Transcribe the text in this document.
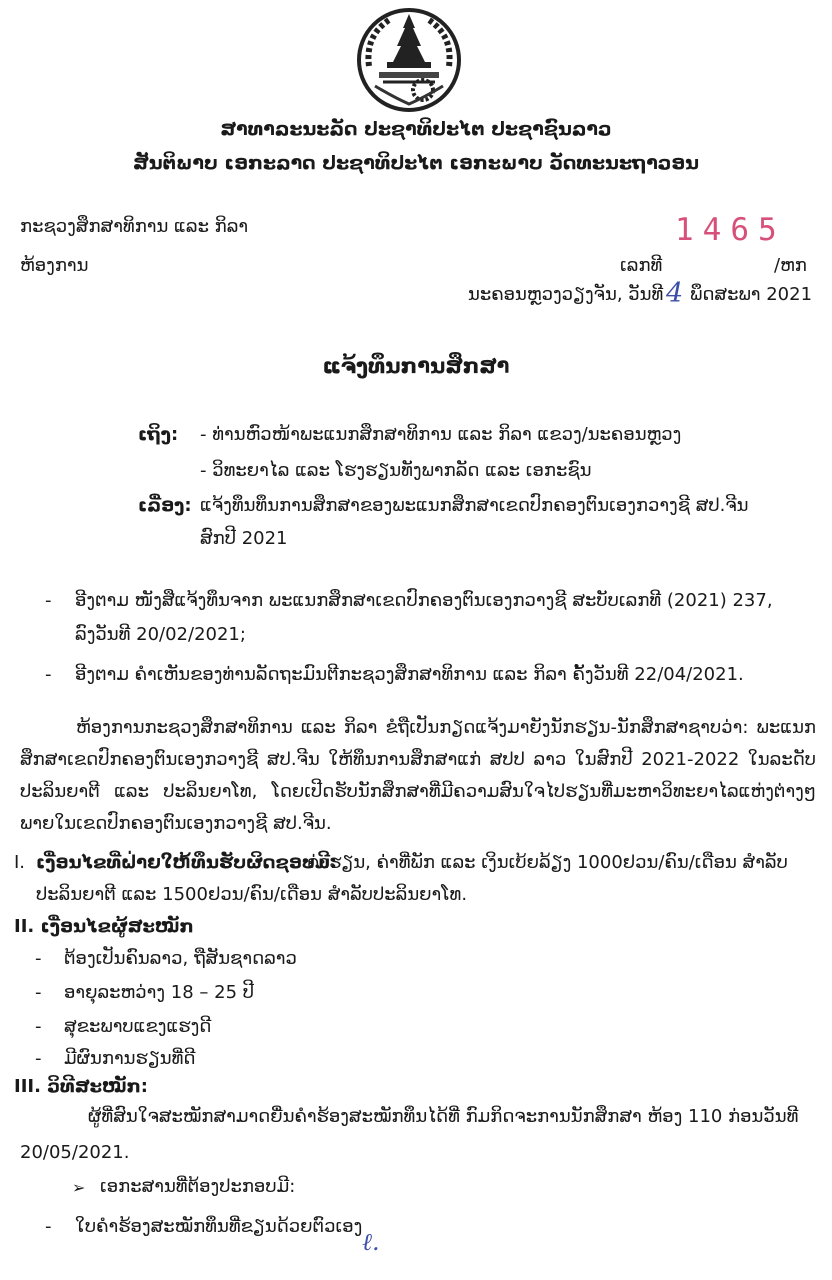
ສາທາລະນະລັດ ປະຊາທິປະໄຕ ປະຊາຊົນລາວ
ສັນຕິພາບ ເອກະລາດ ປະຊາທິປະໄຕ ເອກະພາບ ວັດທະນະຖາວອນ
ກະຊວງສຶກສາທິການ ແລະ ກິລາ	1465
ຫ້ອງການ	ເລກທີ	/ຫກ
ນະຄອນຫຼວງວຽງຈັນ, ວັນທີ 4 ພຶດສະພາ 2021
ແຈ້ງທຶນການສຶກສາ
ເຖິງ: - ທ່ານຫົວໜ້າພະແນກສຶກສາທິການ ແລະ ກິລາ ແຂວງ/ນະຄອນຫຼວງ
- ວິທະຍາໄລ ແລະ ໂຮງຮຽນທັງພາກລັດ ແລະ ເອກະຊົນ
ເລື່ອງ: ແຈ້ງທຶນທຶນການສຶກສາຂອງພະແນກສຶກສາເຂດປົກຄອງຕົນເອງກວາງຊີ ສປ.ຈີນ
ສົກປີ 2021
- ອີງຕາມ ໜັງສືແຈ້ງທຶນຈາກ ພະແນກສຶກສາເຂດປົກຄອງຕົນເອງກວາງຊີ ສະບັບເລກທີ (2021) 237,
ລົງວັນທີ 20/02/2021;
- ອີງຕາມ ຄຳເຫັນຂອງທ່ານລັດຖະມົນຕີກະຊວງສຶກສາທິການ ແລະ ກິລາ ຄັ້ງວັນທີ 22/04/2021.
ຫ້ອງການກະຊວງສຶກສາທິການ ແລະ ກິລາ ຂໍຖືເປັນກຽດແຈ້ງມາຍັງນັກຮຽນ-ນັກສຶກສາຊາບວ່າ: ພະແນກສຶກສາເຂດປົກຄອງຕົນເອງກວາງຊີ ສປ.ຈີນ ໃຫ້ທຶນການສຶກສາແກ່ ສປປ ລາວ ໃນສົກປີ 2021-2022 ໃນລະດັບປະລິນຍາຕີ ແລະ ປະລິນຍາໂທ, ໂດຍເປີດຮັບນັກສຶກສາທີ່ມີຄວາມສົນໃຈໄປຮຽນທີ່ມະຫາວິທະຍາໄລແຫ່ງຕ່າງໆພາຍໃນເຂດປົກຄອງຕົນເອງກວາງຊີ ສປ.ຈີນ.
I. ເງື່ອນໄຂທີ່ຝ່າຍໃຫ້ທຶນຮັບຜິດຊອບມີ:
ຄ່າຮຽນ, ຄ່າທີ່ພັກ ແລະ ເງິນເບ້ຍລ້ຽງ 1000ຢວນ/ຄົນ/ເດືອນ ສຳລັບ
ປະລິນຍາຕີ ແລະ 1500ຢວນ/ຄົນ/ເດືອນ ສຳລັບປະລິນຍາໂທ.
II. ເງື່ອນໄຂຜູ້ສະໝັກ
- ຕ້ອງເປັນຄົນລາວ, ຖືສັນຊາດລາວ
- ອາຍຸລະຫວ່າງ 18 – 25 ປີ
- ສຸຂະພາບແຂງແຮງດີ
- ມີຜົນການຮຽນທີ່ດີ
III. ວິທີສະໝັກ:
ຜູ້ທີ່ສົນໃຈສະໝັກສາມາດຍື່ນຄຳຮ້ອງສະໝັກທຶນໄດ້ທີ່ ກົມກິດຈະການນັກສຶກສາ ຫ້ອງ 110 ກ່ອນວັນທີ
20/05/2021.
➢ ເອກະສານທີ່ຕ້ອງປະກອບມີ:
- ໃບຄຳຮ້ອງສະໝັກທຶນທີ່ຂຽນດ້ວຍຕົວເອງ
ℓ.
